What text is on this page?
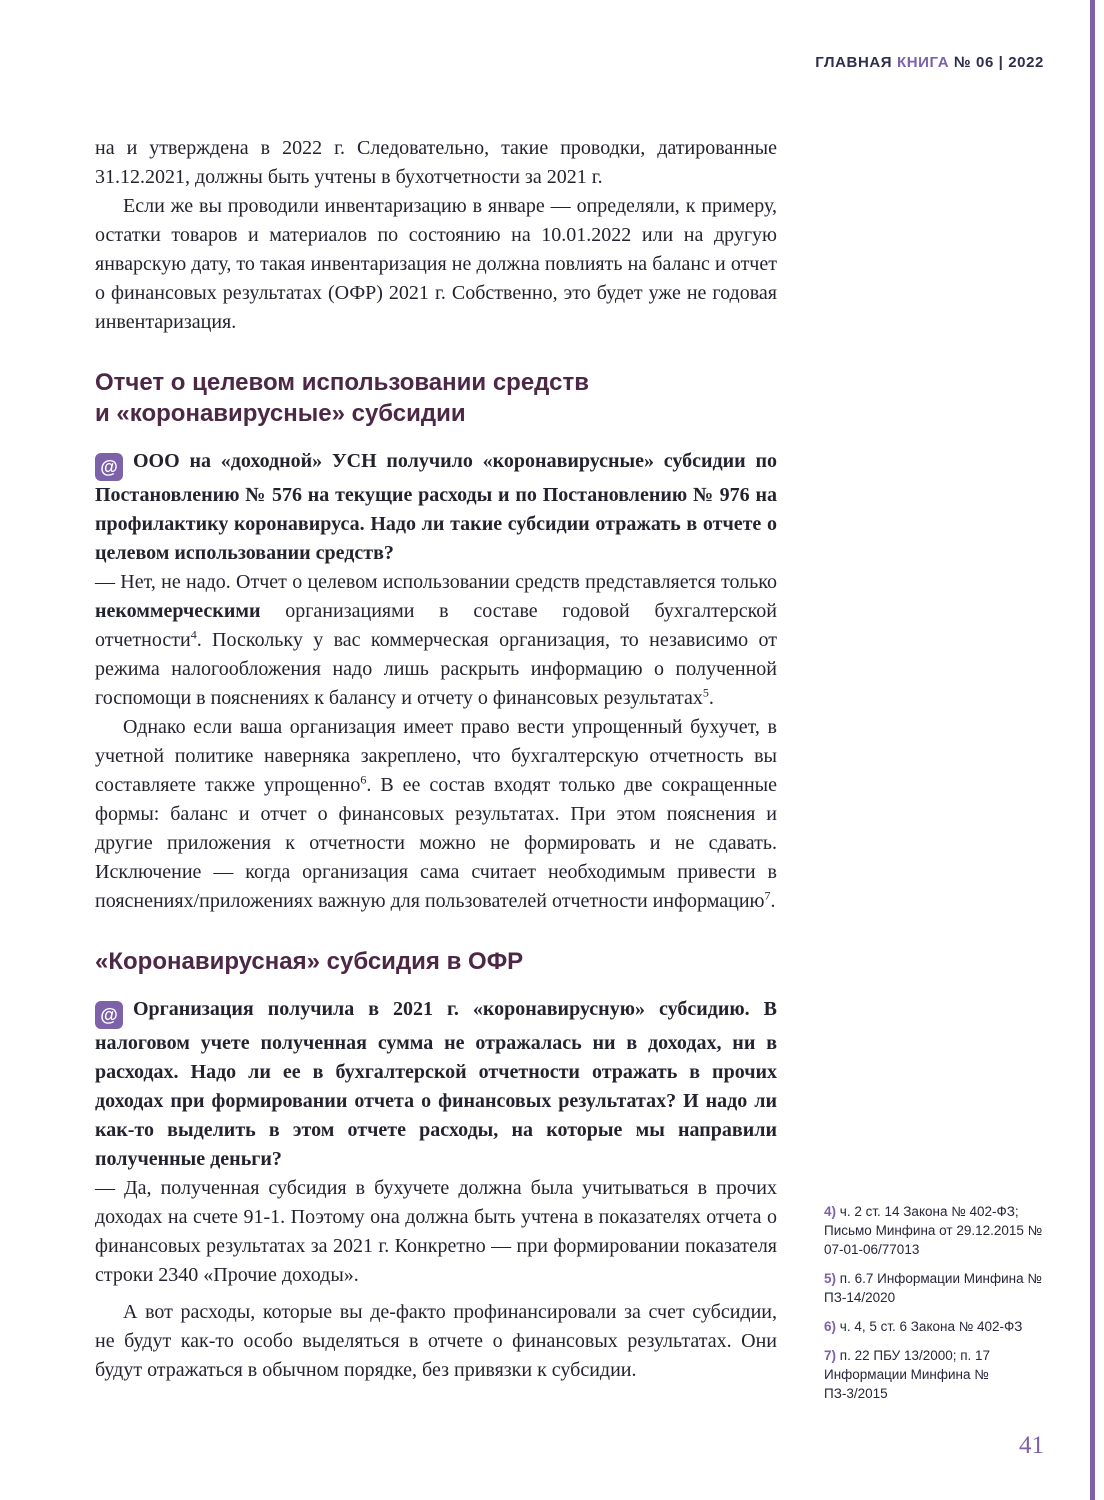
ГЛАВНАЯ КНИГА № 06 | 2022

на и утверждена в 2022 г. Следовательно, такие проводки, датированные 31.12.2021, должны быть учтены в бухотчетности за 2021 г.

Если же вы проводили инвентаризацию в январе — определяли, к примеру, остатки товаров и материалов по состоянию на 10.01.2022 или на другую январскую дату, то такая инвентаризация не должна повлиять на баланс и отчет о финансовых результатах (ОФР) 2021 г. Собственно, это будет уже не годовая инвентаризация.

Отчет о целевом использовании средств
и «коронавирусные» субсидии

@ ООО на «доходной» УСН получило «коронавирусные» субсидии по Постановлению № 576 на текущие расходы и по Постановлению № 976 на профилактику коронавируса. Надо ли такие субсидии отражать в отчете о целевом использовании средств?

— Нет, не надо. Отчет о целевом использовании средств представляется только некоммерческими организациями в составе годовой бухгалтерской отчетности$^4$. Поскольку у вас коммерческая организация, то независимо от режима налогообложения надо лишь раскрыть информацию о полученной госпомощи в пояснениях к балансу и отчету о финансовых результатах$^5$.

Однако если ваша организация имеет право вести упрощенный бухучет, в учетной политике наверняка закреплено, что бухгалтерскую отчетность вы составляете также упрощенно$^6$. В ее состав входят только две сокращенные формы: баланс и отчет о финансовых результатах. При этом пояснения и другие приложения к отчетности можно не формировать и не сдавать. Исключение — когда организация сама считает необходимым привести в пояснениях/приложениях важную для пользователей отчетности информацию$^7$.

«Коронавирусная» субсидия в ОФР

@ Организация получила в 2021 г. «коронавирусную» субсидию. В налоговом учете полученная сумма не отражалась ни в доходах, ни в расходах. Надо ли ее в бухгалтерской отчетности отражать в прочих доходах при формировании отчета о финансовых результатах? И надо ли как-то выделить в этом отчете расходы, на которые мы направили полученные деньги?

— Да, полученная субсидия в бухучете должна была учитываться в прочих доходах на счете 91-1. Поэтому она должна быть учтена в показателях отчета о финансовых результатах за 2021 г. Конкретно — при формировании показателя строки 2340 «Прочие доходы».

А вот расходы, которые вы де-факто профинансировали за счет субсидии, не будут как-то особо выделяться в отчете о финансовых результатах. Они будут отражаться в обычном порядке, без привязки к субсидии.

4) ч. 2 ст. 14 Закона № 402-ФЗ; Письмо Минфина от 29.12.2015 № 07-01-06/77013
5) п. 6.7 Информации Минфина № ПЗ-14/2020
6) ч. 4, 5 ст. 6 Закона № 402-ФЗ
7) п. 22 ПБУ 13/2000; п. 17 Информации Минфина № ПЗ-3/2015
41
